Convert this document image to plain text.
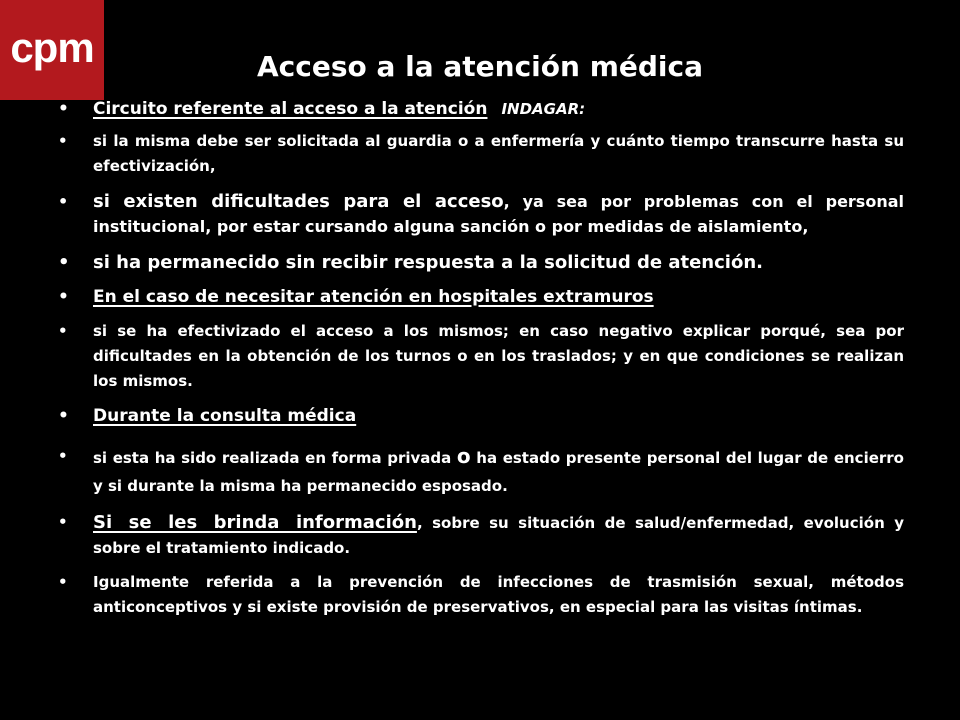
cpm	Acceso a la atención médica
• Circuito referente al acceso a la atención INDAGAR:
• si la misma debe ser solicitada al guardia o a enfermería y cuánto tiempo transcurre hasta su efectivización,
• si existen dificultades para el acceso, ya sea por problemas con el personal institucional, por estar cursando alguna sanción o por medidas de aislamiento,
• si ha permanecido sin recibir respuesta a la solicitud de atención.
• En el caso de necesitar atención en hospitales extramuros
• si se ha efectivizado el acceso a los mismos; en caso negativo explicar porqué, sea por dificultades en la obtención de los turnos o en los traslados; y en que condiciones se realizan los mismos.
• Durante la consulta médica
• si esta ha sido realizada en forma privada o ha estado presente personal del lugar de encierro y si durante la misma ha permanecido esposado.
• Si se les brinda información, sobre su situación de salud/enfermedad, evolución y sobre el tratamiento indicado.
• Igualmente referida a la prevención de infecciones de trasmisión sexual, métodos anticonceptivos y si existe provisión de preservativos, en especial para las visitas íntimas.
